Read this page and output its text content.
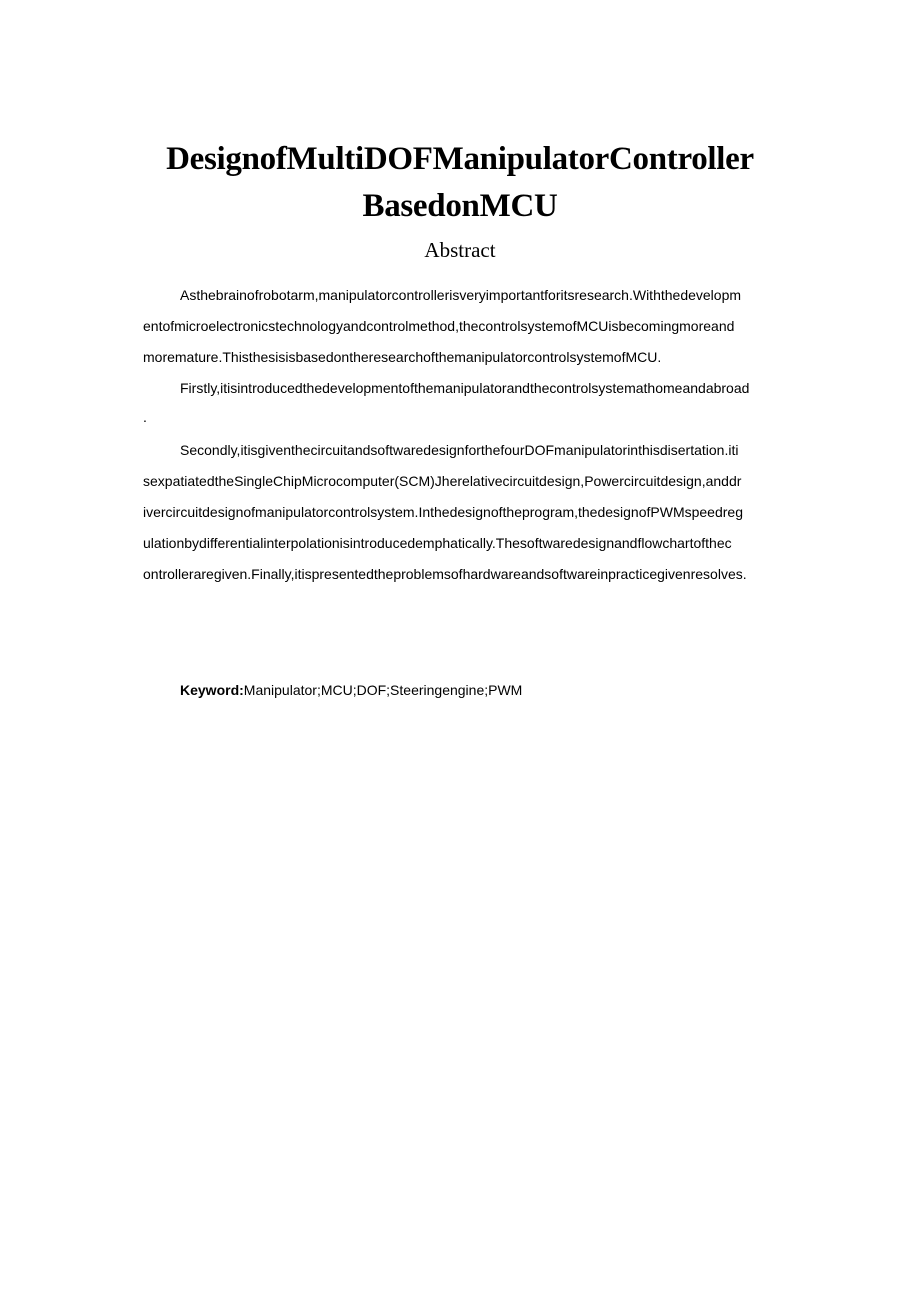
DesignofMultiDOFManipulatorController
BasedonMCU
Abstract
Asthebrainofrobotarm,manipulatorcontrollerisveryimportantforitsresearch.Withthedevelopm
entofmicroelectronicstechnologyandcontrolmethod,thecontrolsystemofMCUisbecomingmoreand
moremature.ThisthesisisbasedontheresearchofthemanipulatorcontrolsystemofMCU.
Firstly,itisintroducedthedevelopmentofthemanipulatorandthecontrolsystemathomeandabroad
.
Secondly,itisgiventhecircuitandsoftwaredesignforthefourDOFmanipulatorinthisdisertation.iti
sexpatiatedtheSingleChipMicrocomputer(SCM)Jherelativecircuitdesign,Powercircuitdesign,anddr
ivercircuitdesignofmanipulatorcontrolsystem.Inthedesignoftheprogram,thedesignofPWMspeedreg
ulationbydifferentialinterpolationisintroducedemphatically.Thesoftwaredesignandflowchartofthec
ontrolleraregiven.Finally,itispresentedtheproblemsofhardwareandsoftwareinpracticegivenresolves.
Keyword:Manipulator;MCU;DOF;Steeringengine;PWM
